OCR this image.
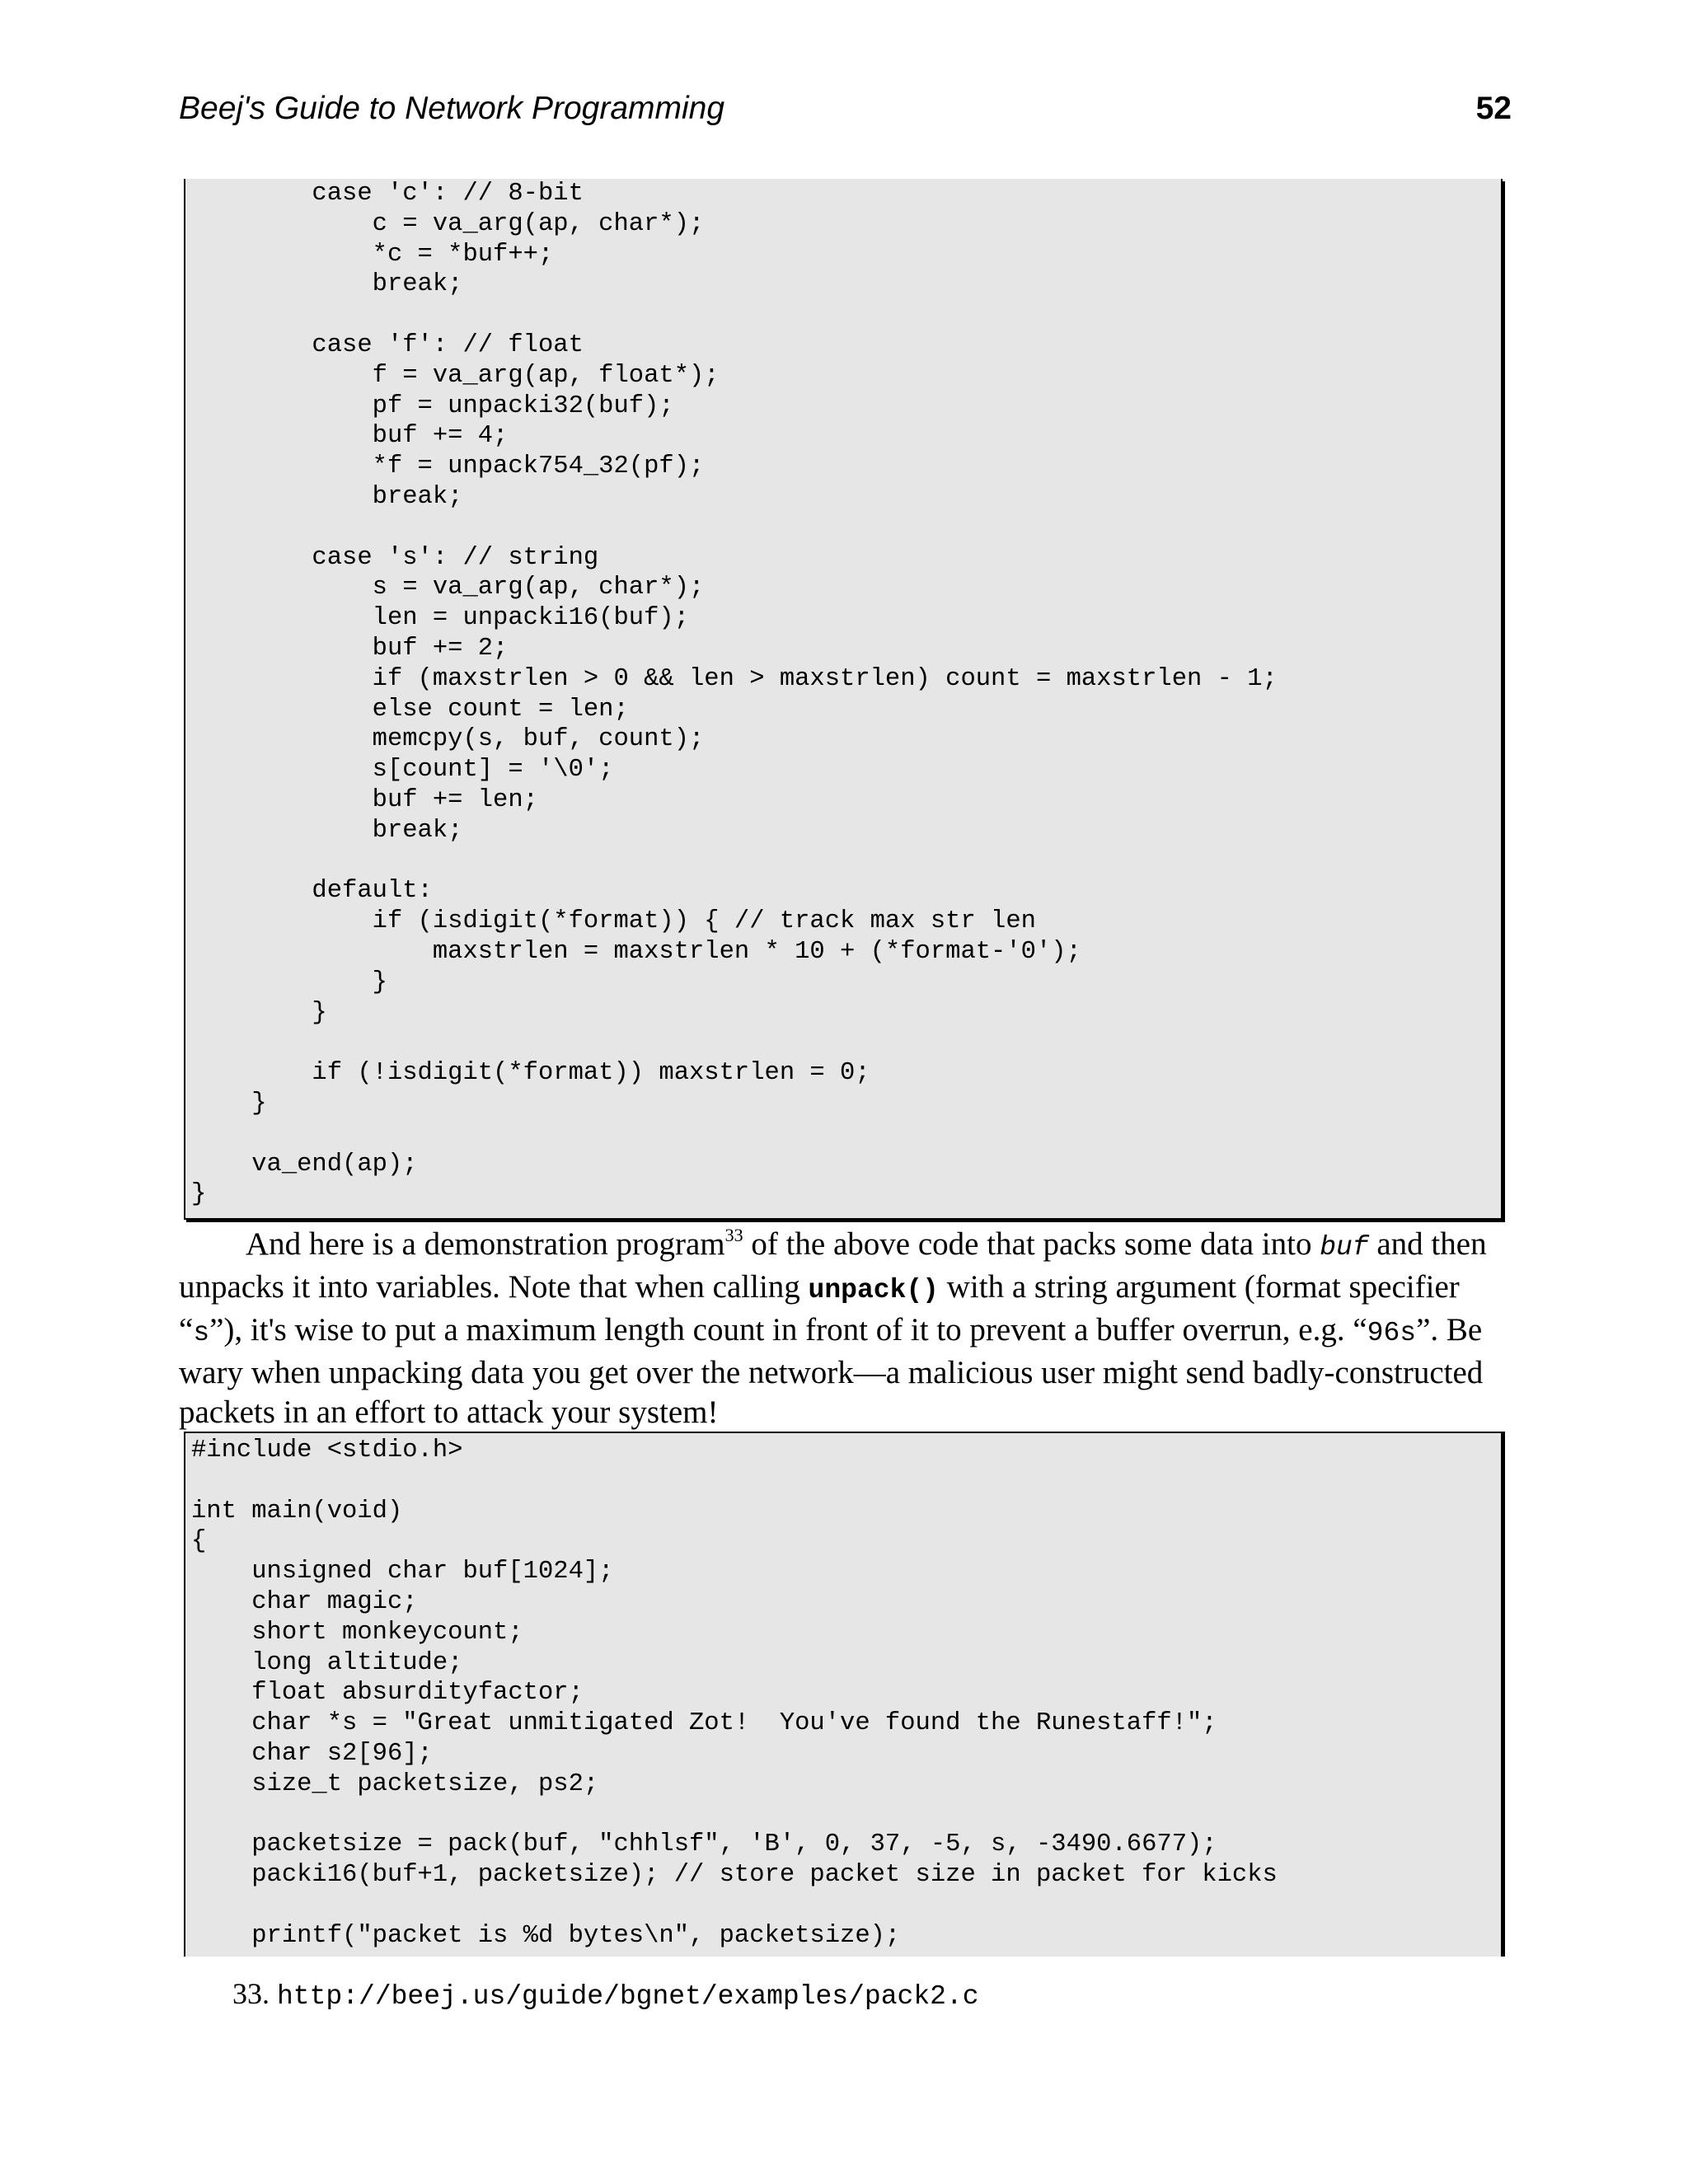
Beej's Guide to Network Programming	52
case 'c': // 8-bit
c = va_arg(ap, char*);
*c = *buf++;
break;

case 'f': // float
f = va_arg(ap, float*);
pf = unpacki32(buf);
buf += 4;
*f = unpack754_32(pf);
break;

case 's': // string
s = va_arg(ap, char*);
len = unpacki16(buf);
buf += 2;
if (maxstrlen > 0 && len > maxstrlen) count = maxstrlen - 1;
else count = len;
memcpy(s, buf, count);
s[count] = '\0';
buf += len;
break;

default:
if (isdigit(*format)) { // track max str len
maxstrlen = maxstrlen * 10 + (*format-'0');
}
}

if (!isdigit(*format)) maxstrlen = 0;
}

va_end(ap);
}

And here is a demonstration program$^{33}$ of the above code that packs some data into buf and then unpacks it into variables. Note that when calling unpack() with a string argument (format specifier “s”), it's wise to put a maximum length count in front of it to prevent a buffer overrun, e.g. “96s”. Be wary when unpacking data you get over the network—a malicious user might send badly-constructed packets in an effort to attack your system!

#include <stdio.h>

int main(void)
{
unsigned char buf[1024];
char magic;
short monkeycount;
long altitude;
float absurdityfactor;
char *s = "Great unmitigated Zot!  You've found the Runestaff!";
char s2[96];
size_t packetsize, ps2;

packetsize = pack(buf, "chhlsf", 'B', 0, 37, -5, s, -3490.6677);
packi16(buf+1, packetsize); // store packet size in packet for kicks

printf("packet is %d bytes\n", packetsize);
33. http://beej.us/guide/bgnet/examples/pack2.c
